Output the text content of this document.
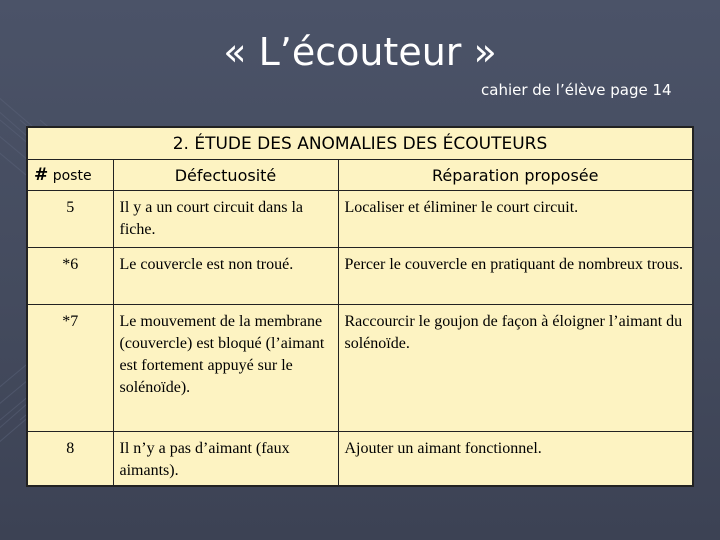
« L’écouteur »
cahier de l’élève page 14
2. ÉTUDE DES ANOMALIES DES ÉCOUTEURS
# poste	Défectuosité	Réparation proposée
5	Il y a un court circuit dans la fiche.	Localiser et éliminer le court circuit.
*6	Le couvercle est non troué.	Percer le couvercle en pratiquant de nombreux trous.
*7	Le mouvement de la membrane (couvercle) est bloqué (l’aimant est fortement appuyé sur le solénoïde).	Raccourcir le goujon de façon à éloigner l’aimant du solénoïde.
8	Il n’y a pas d’aimant (faux aimants).	Ajouter un aimant fonctionnel.
